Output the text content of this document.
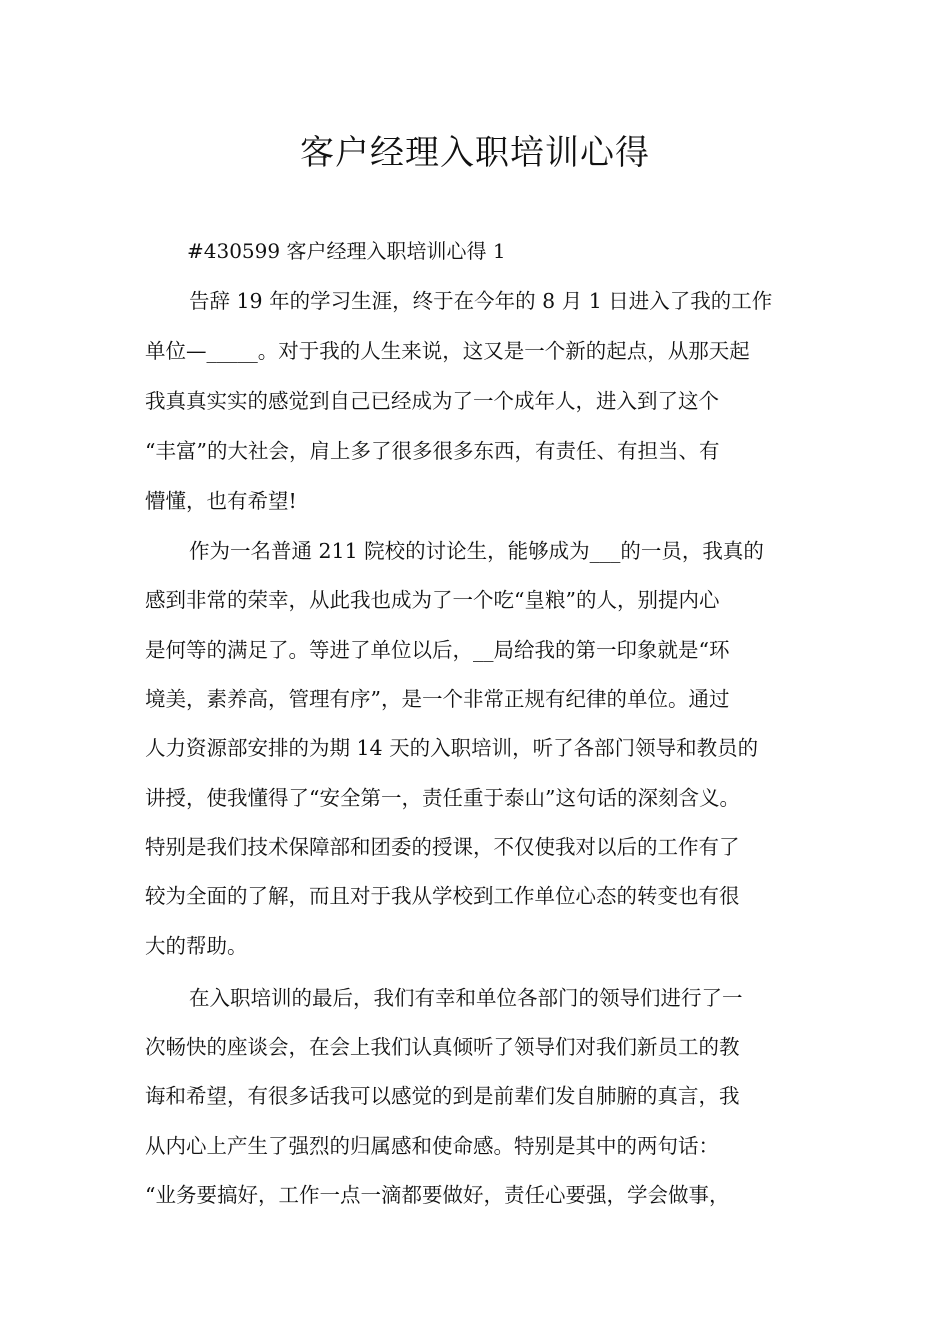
客户经理入职培训心得
#430599 客户经理入职培训心得 1
告辞 19 年的学习生涯，终于在今年的 8 月 1 日进入了我的工作
单位—_____。对于我的人生来说，这又是一个新的起点，从那天起
我真真实实的感觉到自己已经成为了一个成年人，进入到了这个
“丰富”的大社会，肩上多了很多很多东西，有责任、有担当、有
懵懂，也有希望!
作为一名普通 211 院校的讨论生，能够成为___的一员，我真的
感到非常的荣幸，从此我也成为了一个吃“皇粮”的人，别提内心
是何等的满足了。等进了单位以后，__局给我的第一印象就是“环
境美，素养高，管理有序”，是一个非常正规有纪律的单位。通过
人力资源部安排的为期 14 天的入职培训，听了各部门领导和教员的
讲授，使我懂得了“安全第一，责任重于泰山”这句话的深刻含义。
特别是我们技术保障部和团委的授课，不仅使我对以后的工作有了
较为全面的了解，而且对于我从学校到工作单位心态的转变也有很
大的帮助。
在入职培训的最后，我们有幸和单位各部门的领导们进行了一
次畅快的座谈会，在会上我们认真倾听了领导们对我们新员工的教
诲和希望，有很多话我可以感觉的到是前辈们发自肺腑的真言，我
从内心上产生了强烈的归属感和使命感。特别是其中的两句话：
“业务要搞好，工作一点一滴都要做好，责任心要强，学会做事，
